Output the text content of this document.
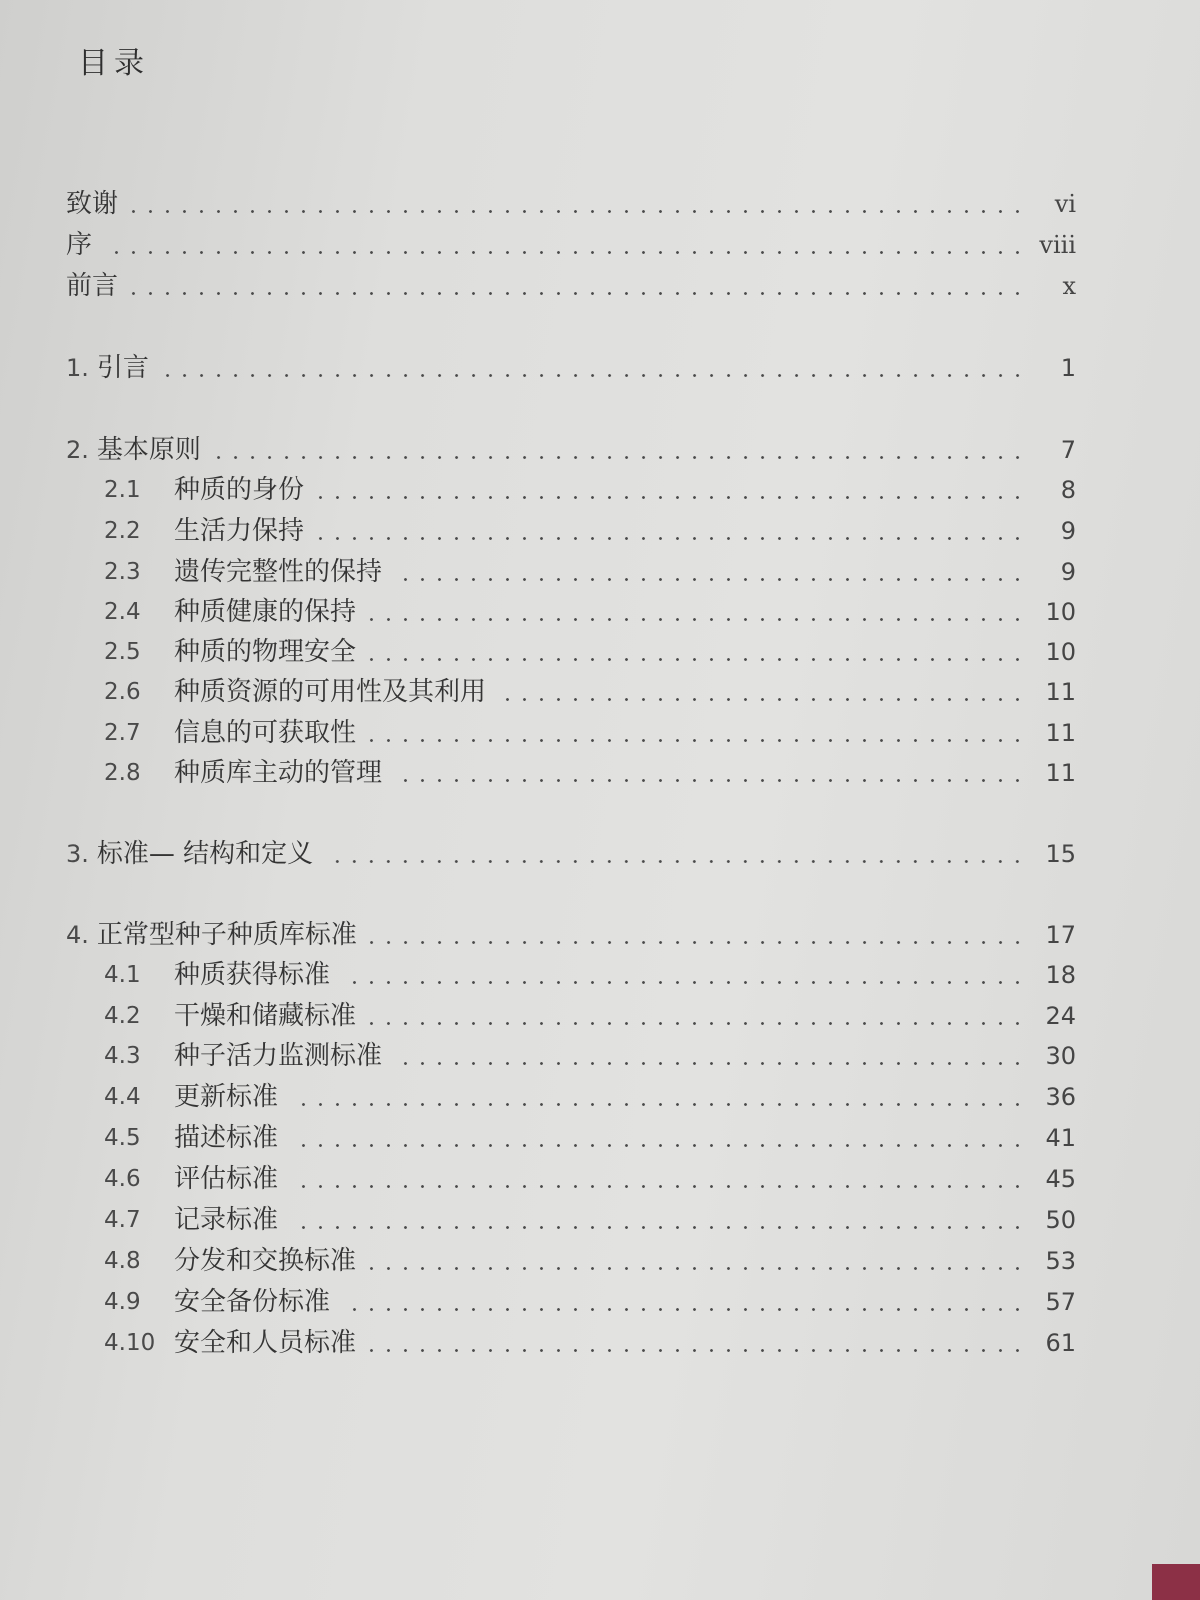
目录
致谢	vi
序	viii
前言	x
1. 引言	1
2. 基本原则	7
2.1	种质的身份	8
2.2	生活力保持	9
2.3	遗传完整性的保持	9
2.4	种质健康的保持	10
2.5	种质的物理安全	10
2.6	种质资源的可用性及其利用	11
2.7	信息的可获取性	11
2.8	种质库主动的管理	11
3. 标准— 结构和定义	15
4. 正常型种子种质库标准	17
4.1	种质获得标准	18
4.2	干燥和储藏标准	24
4.3	种子活力监测标准	30
4.4	更新标准	36
4.5	描述标准	41
4.6	评估标准	45
4.7	记录标准	50
4.8	分发和交换标准	53
4.9	安全备份标准	57
4.10 安全和人员标准	61
